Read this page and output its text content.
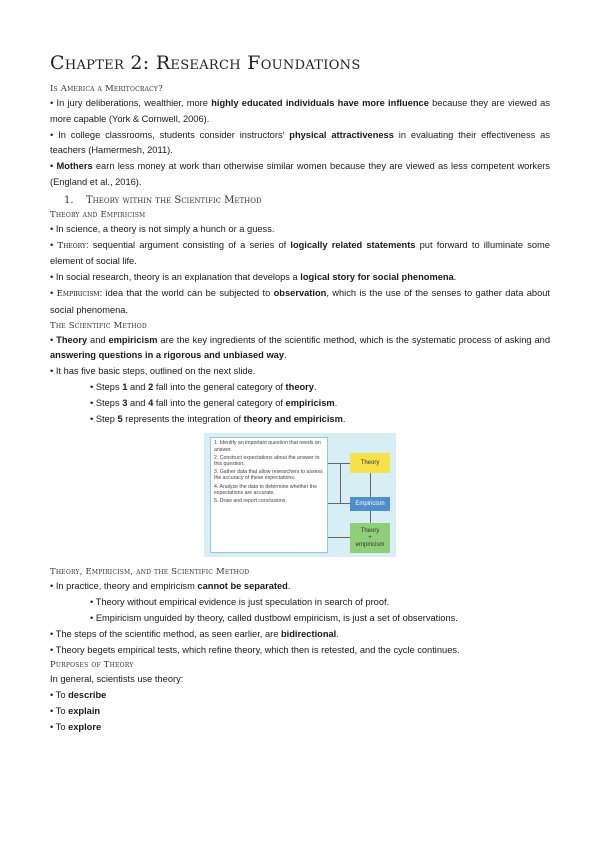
Chapter 2: Research Foundations
Is America a Meritocracy?

• In jury deliberations, wealthier, more highly educated individuals have more influence because they are viewed as more capable (York & Cornwell, 2006).

• In college classrooms, students consider instructors' physical attractiveness in evaluating their effectiveness as teachers (Hamermesh, 2011).

• Mothers earn less money at work than otherwise similar women because they are viewed as less competent workers (England et al., 2016).

1. Theory within the Scientific Method
Theory and Empiricism

• In science, a theory is not simply a hunch or a guess.

• Theory: sequential argument consisting of a series of logically related statements put forward to illuminate some element of social life.

• In social research, theory is an explanation that develops a logical story for social phenomena.

• Empiricism: idea that the world can be subjected to observation, which is the use of the senses to gather data about social phenomena.

The Scientific Method

• Theory and empiricism are the key ingredients of the scientific method, which is the systematic process of asking and answering questions in a rigorous and unbiased way.

• It has five basic steps, outlined on the next slide.

• Steps 1 and 2 fall into the general category of theory.

• Steps 3 and 4 fall into the general category of empiricism.

• Step 5 represents the integration of theory and empiricism.

1. Identify an important question that needs an answer.
2. Construct expectations about the answer to this question.
3. Gather data that allow researchers to assess the accuracy of these expectations.
4. Analyze the data to determine whether the expectations are accurate.
5. Draw and report conclusions.
Theory
Empiricism
Theory
+
empiricism
Theory, Empiricism, and the Scientific Method

• In practice, theory and empiricism cannot be separated.

• Theory without empirical evidence is just speculation in search of proof.

• Empiricism unguided by theory, called dustbowl empiricism, is just a set of observations.

• The steps of the scientific method, as seen earlier, are bidirectional.

• Theory begets empirical tests, which refine theory, which then is retested, and the cycle continues.

Purposes of Theory

In general, scientists use theory:

• To describe

• To explain

• To explore
